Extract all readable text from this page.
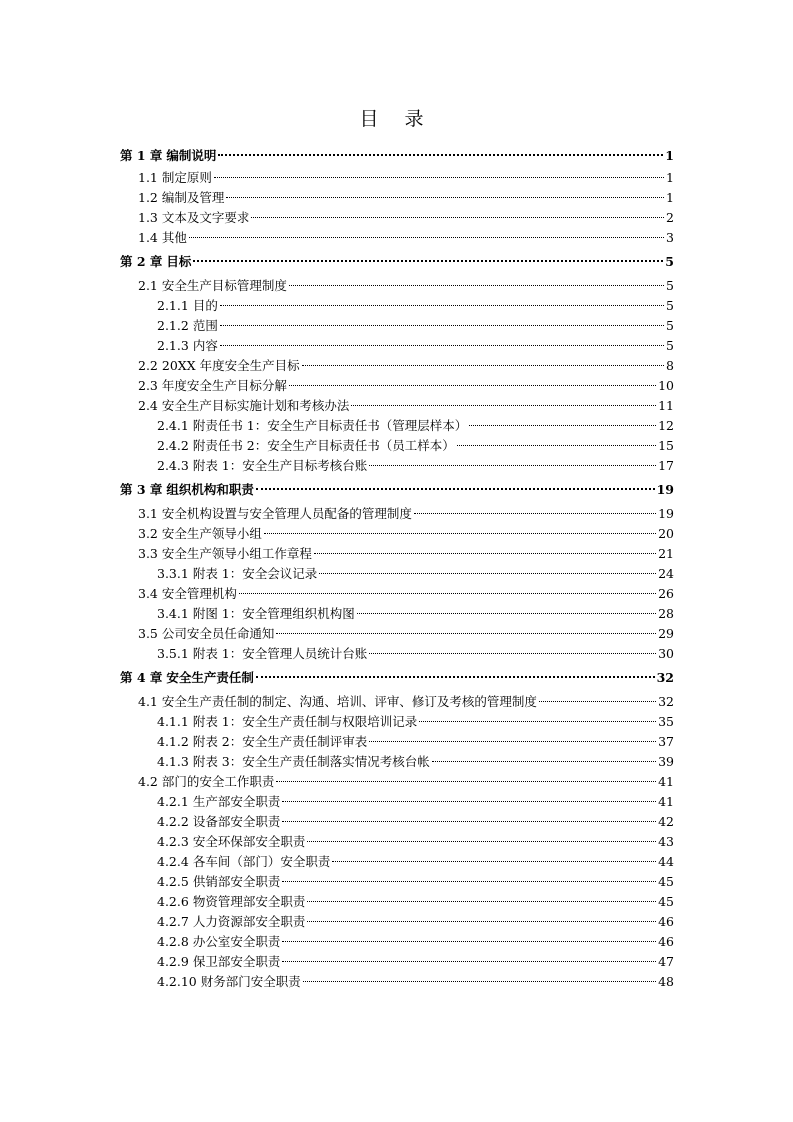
目 录
第 1 章 编制说明	1
1.1 制定原则	1
1.2 编制及管理	1
1.3 文本及文字要求	2
1.4 其他	3
第 2 章 目标	5
2.1 安全生产目标管理制度	5
2.1.1 目的	5
2.1.2 范围	5
2.1.3 内容	5
2.2 20XX 年度安全生产目标	8
2.3 年度安全生产目标分解	10
2.4 安全生产目标实施计划和考核办法	11
2.4.1 附责任书 1：安全生产目标责任书（管理层样本）	12
2.4.2 附责任书 2：安全生产目标责任书（员工样本）	15
2.4.3 附表 1：安全生产目标考核台账	17
第 3 章 组织机构和职责	19
3.1 安全机构设置与安全管理人员配备的管理制度	19
3.2 安全生产领导小组	20
3.3 安全生产领导小组工作章程	21
3.3.1 附表 1：安全会议记录	24
3.4 安全管理机构	26
3.4.1 附图 1：安全管理组织机构图	28
3.5 公司安全员任命通知	29
3.5.1 附表 1：安全管理人员统计台账	30
第 4 章 安全生产责任制	32
4.1 安全生产责任制的制定、沟通、培训、评审、修订及考核的管理制度	32
4.1.1 附表 1：安全生产责任制与权限培训记录	35
4.1.2 附表 2：安全生产责任制评审表	37
4.1.3 附表 3：安全生产责任制落实情况考核台帐	39
4.2 部门的安全工作职责	41
4.2.1 生产部安全职责	41
4.2.2 设备部安全职责	42
4.2.3 安全环保部安全职责	43
4.2.4 各车间（部门）安全职责	44
4.2.5 供销部安全职责	45
4.2.6 物资管理部安全职责	45
4.2.7 人力资源部安全职责	46
4.2.8 办公室安全职责	46
4.2.9 保卫部安全职责	47
4.2.10 财务部门安全职责	48
